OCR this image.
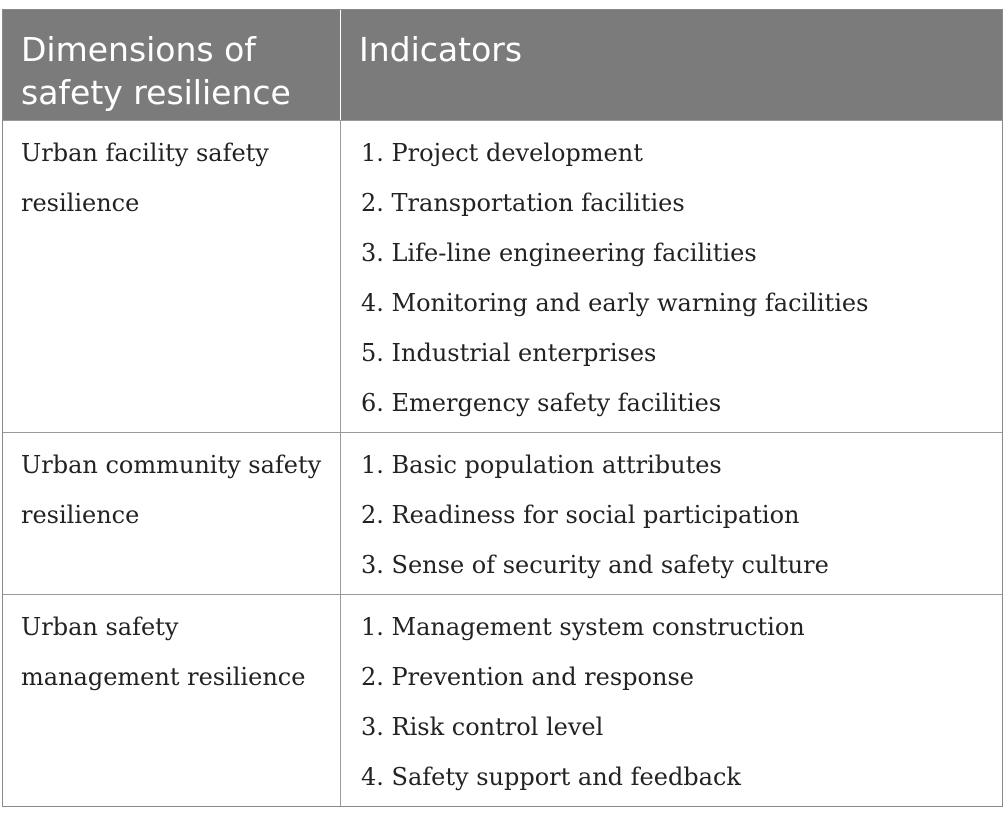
Dimensions of
safety resilience
Indicators
Urban facility safety
resilience
1. Project development
2. Transportation facilities
3. Life-line engineering facilities
4. Monitoring and early warning facilities
5. Industrial enterprises
6. Emergency safety facilities
Urban community safety
resilience
1. Basic population attributes
2. Readiness for social participation
3. Sense of security and safety culture
Urban safety
management resilience
1. Management system construction
2. Prevention and response
3. Risk control level
4. Safety support and feedback
